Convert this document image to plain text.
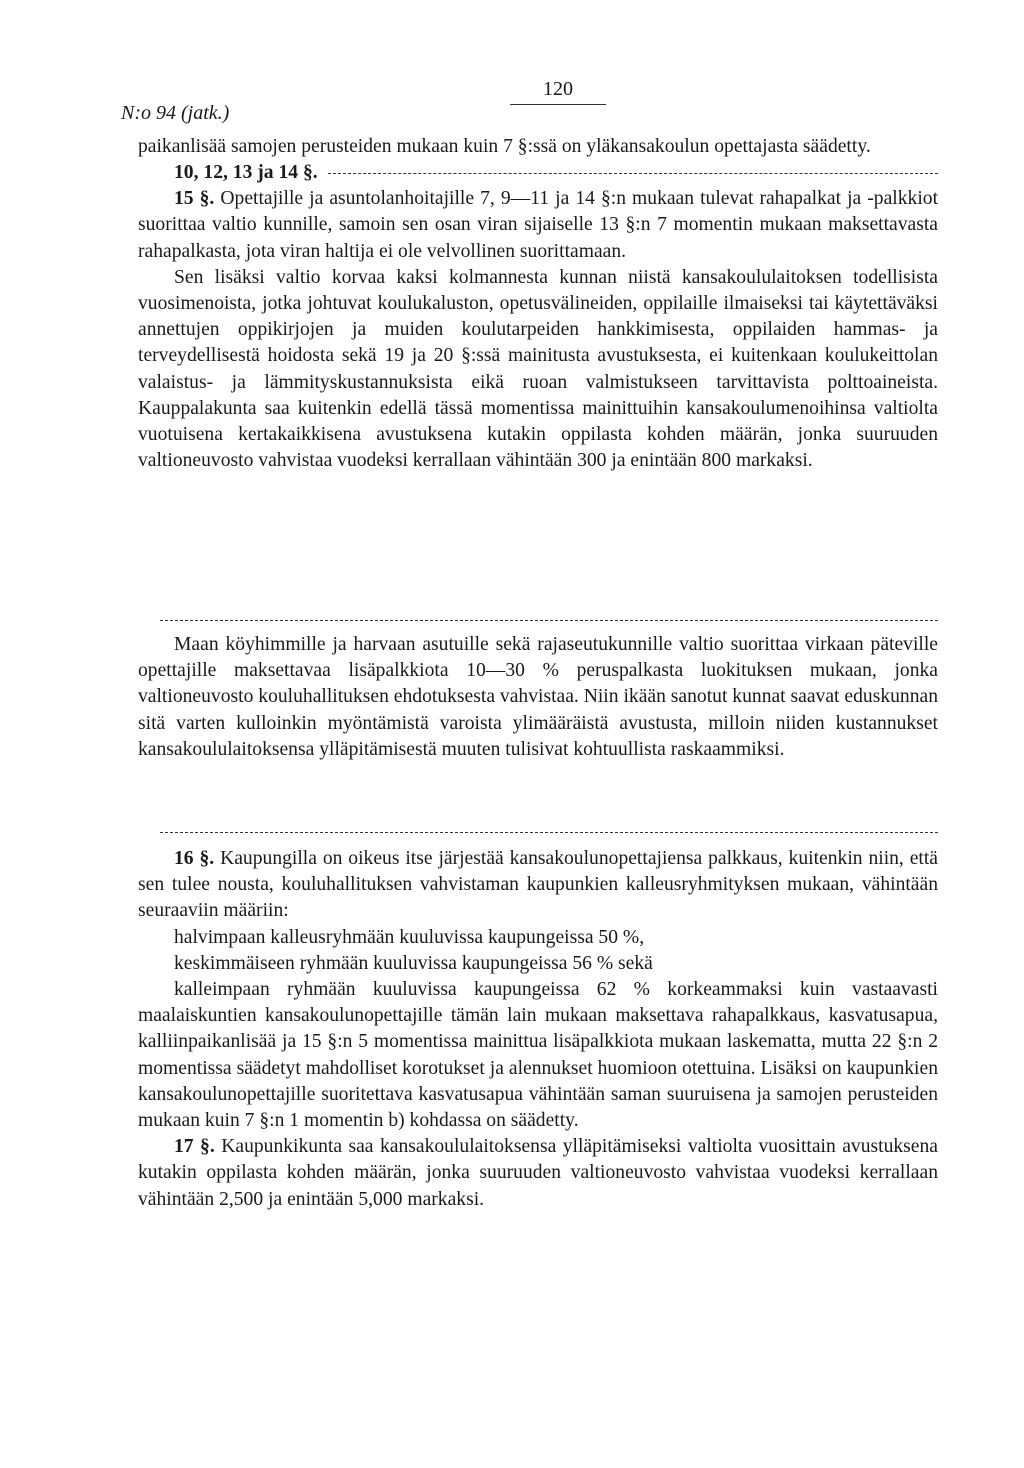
120
N:o 94 (jatk.)

paikanlisää samojen perusteiden mukaan kuin 7 §:ssä on yläkansakoulun opettajasta säädetty.

10, 12, 13 ja 14 §.

15 §. Opettajille ja asuntolanhoitajille 7, 9—11 ja 14 §:n mukaan tulevat rahapalkat ja -palkkiot suorittaa valtio kunnille, samoin sen osan viran sijaiselle 13 §:n 7 momentin mukaan maksettavasta rahapalkasta, jota viran haltija ei ole velvollinen suorittamaan.

Sen lisäksi valtio korvaa kaksi kolmannesta kunnan niistä kansakoululaitoksen todellisista vuosimenoista, jotka johtuvat koulukaluston, opetusvälineiden, oppilaille ilmaiseksi tai käytettäväksi annettujen oppikirjojen ja muiden koulutarpeiden hankkimisesta, oppilaiden hammas- ja terveydellisestä hoidosta sekä 19 ja 20 §:ssä mainitusta avustuksesta, ei kuitenkaan koulukeittolan valaistus- ja lämmityskustannuksista eikä ruoan valmistukseen tarvittavista polttoaineista. Kauppalakunta saa kuitenkin edellä tässä momentissa mainittuihin kansakoulumenoihinsa valtiolta vuotuisena kertakaikkisena avustuksena kutakin oppilasta kohden määrän, jonka suuruuden valtioneuvosto vahvistaa vuodeksi kerrallaan vähintään 300 ja enintään 800 markaksi.

Maan köyhimmille ja harvaan asutuille sekä rajaseutukunnille valtio suorittaa virkaan päteville opettajille maksettavaa lisäpalkkiota 10—30 % peruspalkasta luokituksen mukaan, jonka valtioneuvosto kouluhallituksen ehdotuksesta vahvistaa. Niin ikään sanotut kunnat saavat eduskunnan sitä varten kulloinkin myöntämistä varoista ylimääräistä avustusta, milloin niiden kustannukset kansakoululaitoksensa ylläpitämisestä muuten tulisivat kohtuullista raskaammiksi.

16 §. Kaupungilla on oikeus itse järjestää kansakoulunopettajiensa palkkaus, kuitenkin niin, että sen tulee nousta, kouluhallituksen vahvistaman kaupunkien kalleusryhmityksen mukaan, vähintään seuraaviin määriin:

halvimpaan kalleusryhmään kuuluvissa kaupungeissa 50 %,

keskimmäiseen ryhmään kuuluvissa kaupungeissa 56 % sekä

kalleimpaan ryhmään kuuluvissa kaupungeissa 62 % korkeammaksi kuin vastaavasti maalaiskuntien kansakoulunopettajille tämän lain mukaan maksettava rahapalkkaus, kasvatusapua, kalliinpaikanlisää ja 15 §:n 5 momentissa mainittua lisäpalkkiota mukaan laskematta, mutta 22 §:n 2 momentissa säädetyt mahdolliset korotukset ja alennukset huomioon otettuina. Lisäksi on kaupunkien kansakoulunopettajille suoritettava kasvatusapua vähintään saman suuruisena ja samojen perusteiden mukaan kuin 7 §:n 1 momentin b) kohdassa on säädetty.

17 §. Kaupunkikunta saa kansakoululaitoksensa ylläpitämiseksi valtiolta vuosittain avustuksena kutakin oppilasta kohden määrän, jonka suuruuden valtioneuvosto vahvistaa vuodeksi kerrallaan vähintään 2,500 ja enintään 5,000 markaksi.
